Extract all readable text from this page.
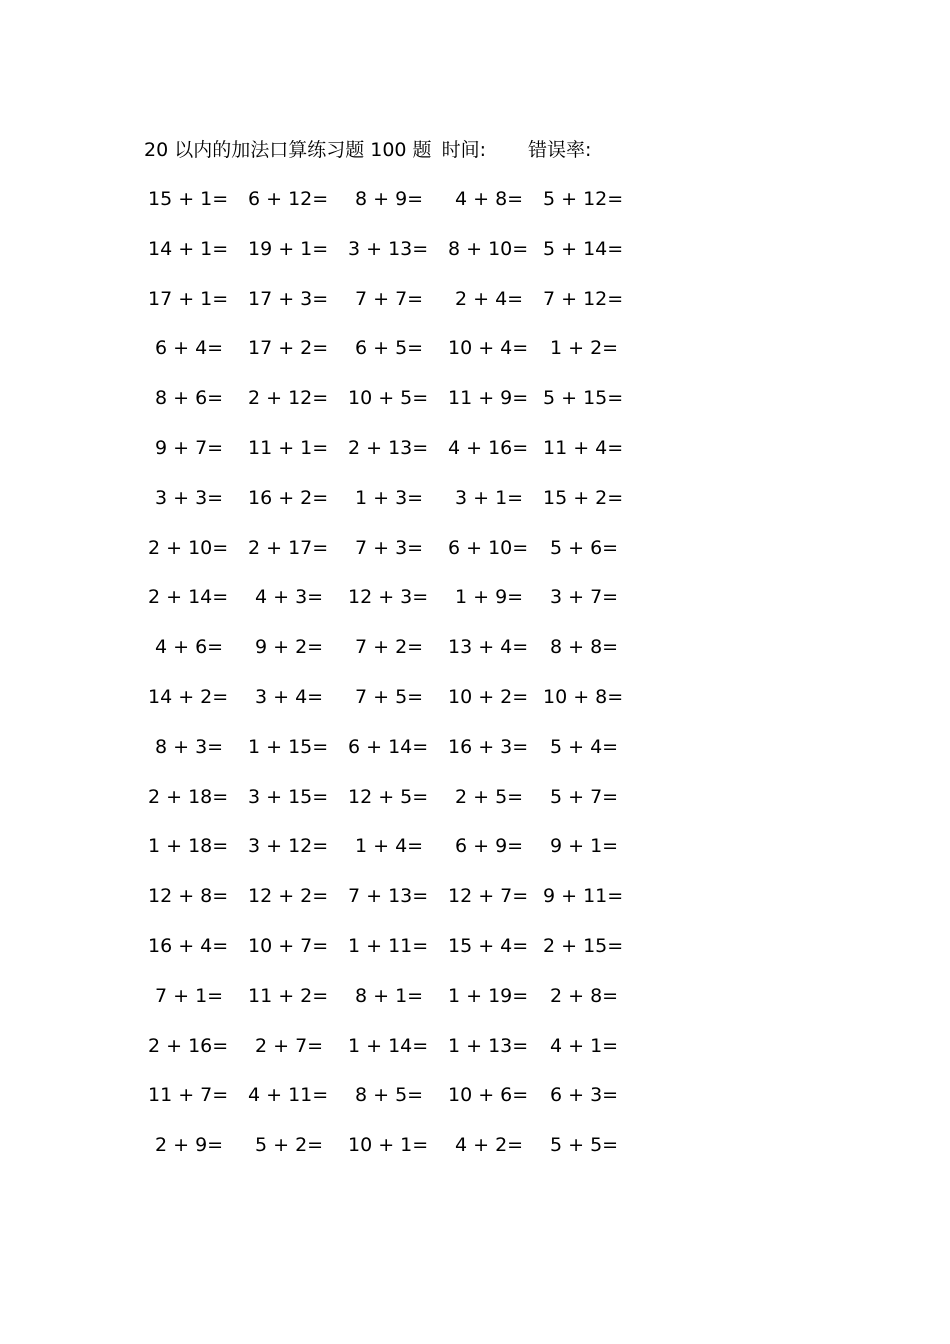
20 以内的加法口算练习题 100 题 时间: 错误率:
15 + 1= 6 + 12= 8 + 9= 4 + 8= 5 + 12=
14 + 1= 19 + 1= 3 + 13= 8 + 10= 5 + 14=
17 + 1= 17 + 3= 7 + 7= 2 + 4= 7 + 12=
6 + 4= 17 + 2= 6 + 5= 10 + 4= 1 + 2=
8 + 6= 2 + 12= 10 + 5= 11 + 9= 5 + 15=
9 + 7= 11 + 1= 2 + 13= 4 + 16= 11 + 4=
3 + 3= 16 + 2= 1 + 3= 3 + 1= 15 + 2=
2 + 10= 2 + 17= 7 + 3= 6 + 10= 5 + 6=
2 + 14= 4 + 3= 12 + 3= 1 + 9= 3 + 7=
4 + 6= 9 + 2= 7 + 2= 13 + 4= 8 + 8=
14 + 2= 3 + 4= 7 + 5= 10 + 2= 10 + 8=
8 + 3= 1 + 15= 6 + 14= 16 + 3= 5 + 4=
2 + 18= 3 + 15= 12 + 5= 2 + 5= 5 + 7=
1 + 18= 3 + 12= 1 + 4= 6 + 9= 9 + 1=
12 + 8= 12 + 2= 7 + 13= 12 + 7= 9 + 11=
16 + 4= 10 + 7= 1 + 11= 15 + 4= 2 + 15=
7 + 1= 11 + 2= 8 + 1= 1 + 19= 2 + 8=
2 + 16= 2 + 7= 1 + 14= 1 + 13= 4 + 1=
11 + 7= 4 + 11= 8 + 5= 10 + 6= 6 + 3=
2 + 9= 5 + 2= 10 + 1= 4 + 2= 5 + 5=
